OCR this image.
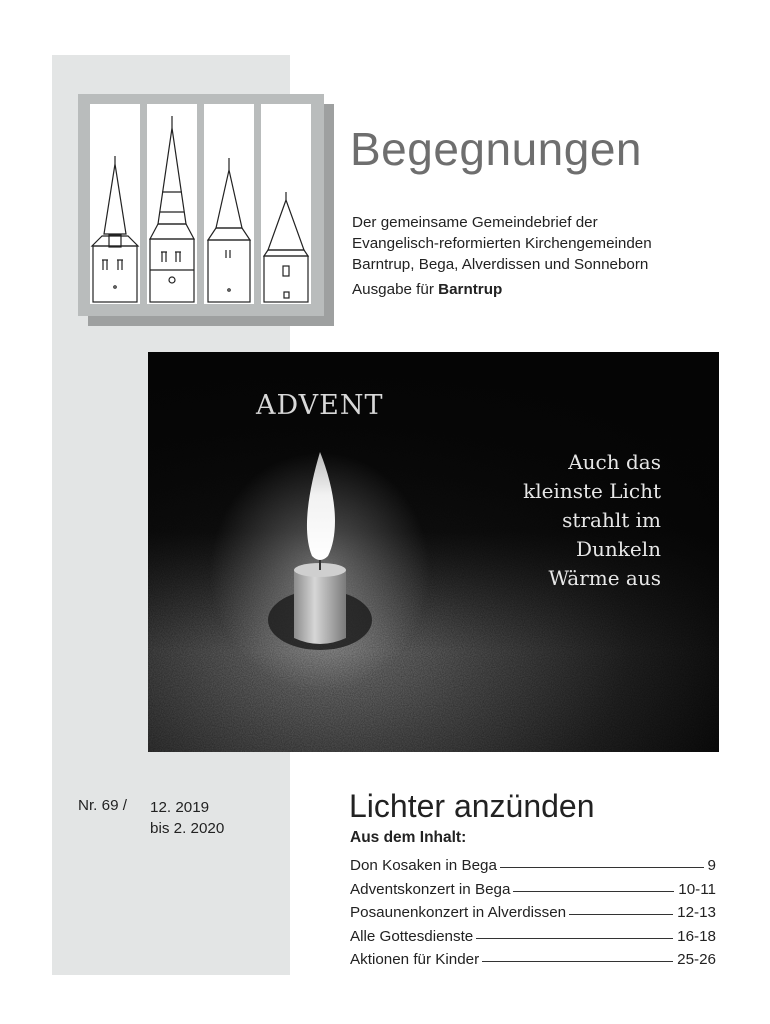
Begegnungen
Der gemeinsame Gemeindebrief der
Evangelisch-reformierten Kirchengemeinden
Barntrup, Bega, Alverdissen und Sonneborn
Ausgabe für Barntrup
ADVENT
Auch das
kleinste Licht
strahlt im
Dunkeln
Wärme aus
Nr. 69 / 12. 2019
bis 2. 2020
Lichter anzünden
Aus dem Inhalt:
Don Kosaken in Bega	9
Adventskonzert in Bega	10-11
Posaunenkonzert in Alverdissen	12-13
Alle Gottesdienste	16-18
Aktionen für Kinder	25-26
